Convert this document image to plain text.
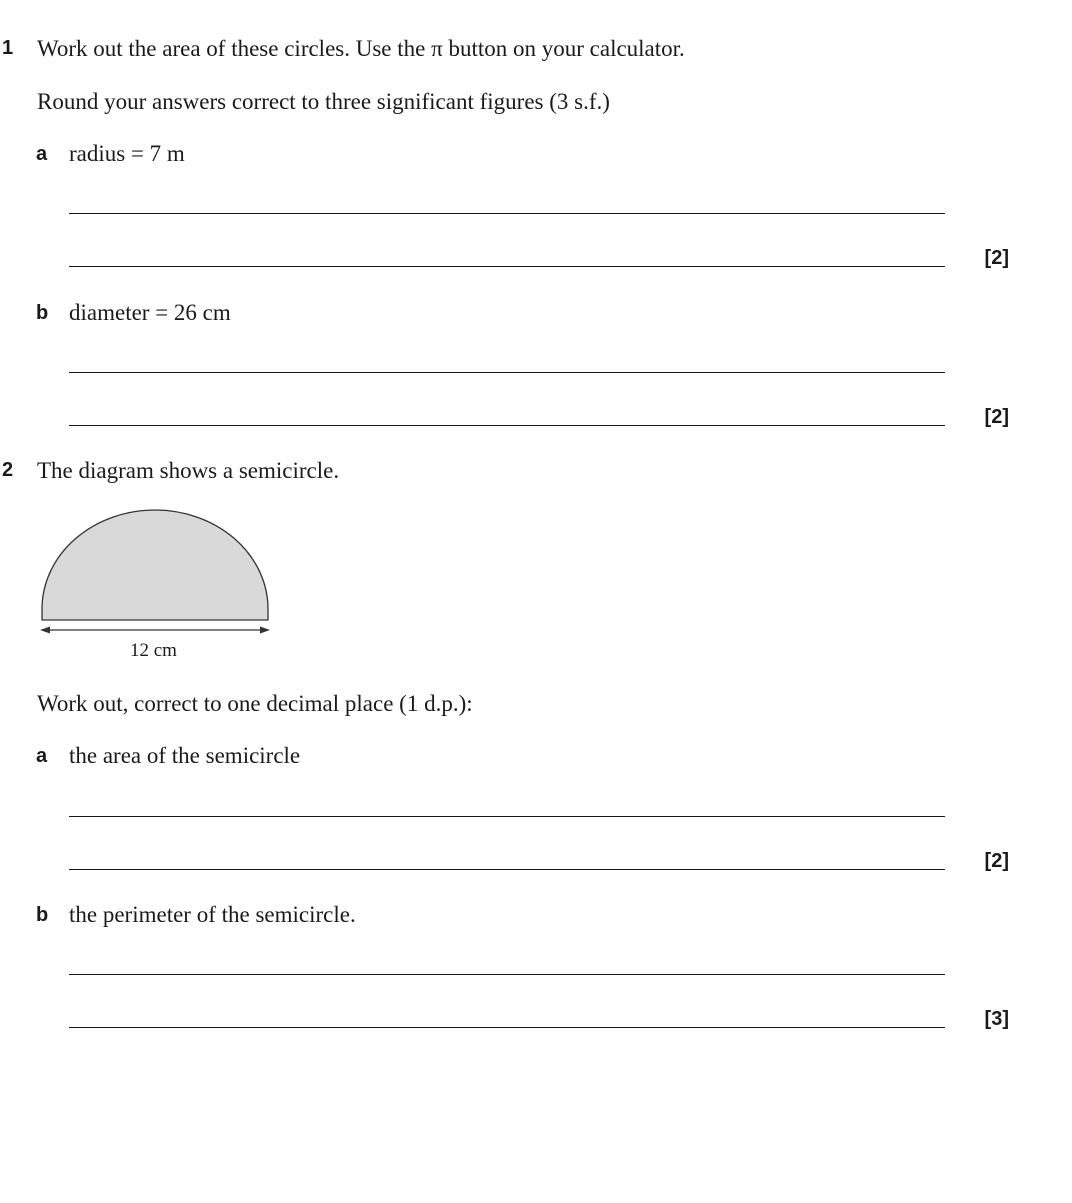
1 Work out the area of these circles. Use the π button on your calculator.
Round your answers correct to three significant figures (3 s.f.)
a radius = 7 m
[2]
b diameter = 26 cm
[2]
2 The diagram shows a semicircle.
12 cm
Work out, correct to one decimal place (1 d.p.):
a the area of the semicircle
[2]
b the perimeter of the semicircle.
[3]
